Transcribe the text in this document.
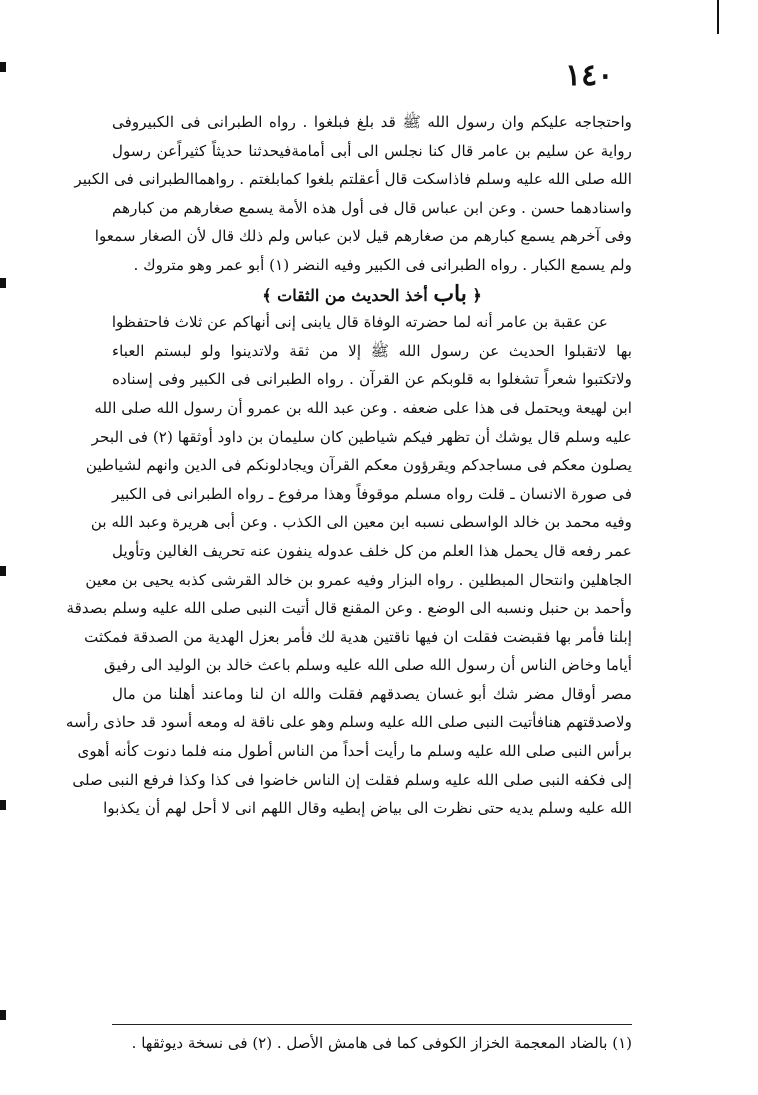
١٤٠
واحتجاجه عليكم وان رسول الله ﷺ قد بلغ فبلغوا . رواه الطبرانى فى الكبيروفى
رواية عن سليم بن عامر قال كنا نجلس الى أبى أمامةفيحدثنا حديثاً كثيراًعن رسول
الله صلى الله عليه وسلم فاذاسكت قال أعقلتم بلغوا كمابلغتم . رواهماالطبرانى فى الكبير
واسنادهما حسن . وعن ابن عباس قال فى أول هذه الأمة يسمع صغارهم من كبارهم
وفى آخرهم يسمع كبارهم من صغارهم قيل لابن عباس ولم ذلك قال لأن الصغار سمعوا
ولم يسمع الكبار . رواه الطبرانى فى الكبير وفيه النضر (١) أبو عمر وهو متروك .
﴿ باب أخذ الحديث من الثقات ﴾
عن عقبة بن عامر أنه لما حضرته الوفاة قال يابنى إنى أنهاكم عن ثلاث فاحتفظوا
بها لاتقبلوا الحديث عن رسول الله ﷺ إلا من ثقة ولاتدينوا ولو لبستم العباء
ولاتكتبوا شعراً تشغلوا به قلوبكم عن القرآن . رواه الطبرانى فى الكبير وفى إسناده
ابن لهيعة ويحتمل فى هذا على ضعفه . وعن عبد الله بن عمرو أن رسول الله صلى الله
عليه وسلم قال يوشك أن تظهر فيكم شياطين كان سليمان بن داود أوثقها (٢) فى البحر
يصلون معكم فى مساجدكم ويقرؤون معكم القرآن ويجادلونكم فى الدين وانهم لشياطين
فى صورة الانسان ـ قلت رواه مسلم موقوفاً وهذا مرفوع ـ رواه الطبرانى فى الكبير
وفيه محمد بن خالد الواسطى نسبه ابن معين الى الكذب . وعن أبى هريرة وعبد الله بن
عمر رفعه قال يحمل هذا العلم من كل خلف عدوله ينفون عنه تحريف الغالين وتأويل
الجاهلين وانتحال المبطلين . رواه البزار وفيه عمرو بن خالد القرشى كذبه يحيى بن معين
وأحمد بن حنبل ونسبه الى الوضع . وعن المقنع قال أتيت النبى صلى الله عليه وسلم بصدقة
إبلنا فأمر بها فقبضت فقلت ان فيها ناقتين هدية لك فأمر بعزل الهدية من الصدقة فمكثت
أياما وخاض الناس أن رسول الله صلى الله عليه وسلم باعث خالد بن الوليد الى رفيق
مصر أوقال مضر شك أبو غسان يصدقهم فقلت والله ان لنا وماعند أهلنا من مال
ولاصدقتهم هنافأتيت النبى صلى الله عليه وسلم وهو على ناقة له ومعه أسود قد حاذى رأسه
برأس النبى صلى الله عليه وسلم ما رأيت أحداً من الناس أطول منه فلما دنوت كأنه أهوى
إلى فكفه النبى صلى الله عليه وسلم فقلت إن الناس خاضوا فى كذا وكذا فرفع النبى صلى
الله عليه وسلم يديه حتى نظرت الى بياض إبطيه وقال اللهم انى لا أحل لهم أن يكذبوا
(١) بالضاد المعجمة الخزاز الكوفى كما فى هامش الأصل . (٢) فى نسخة ديوثقها .
